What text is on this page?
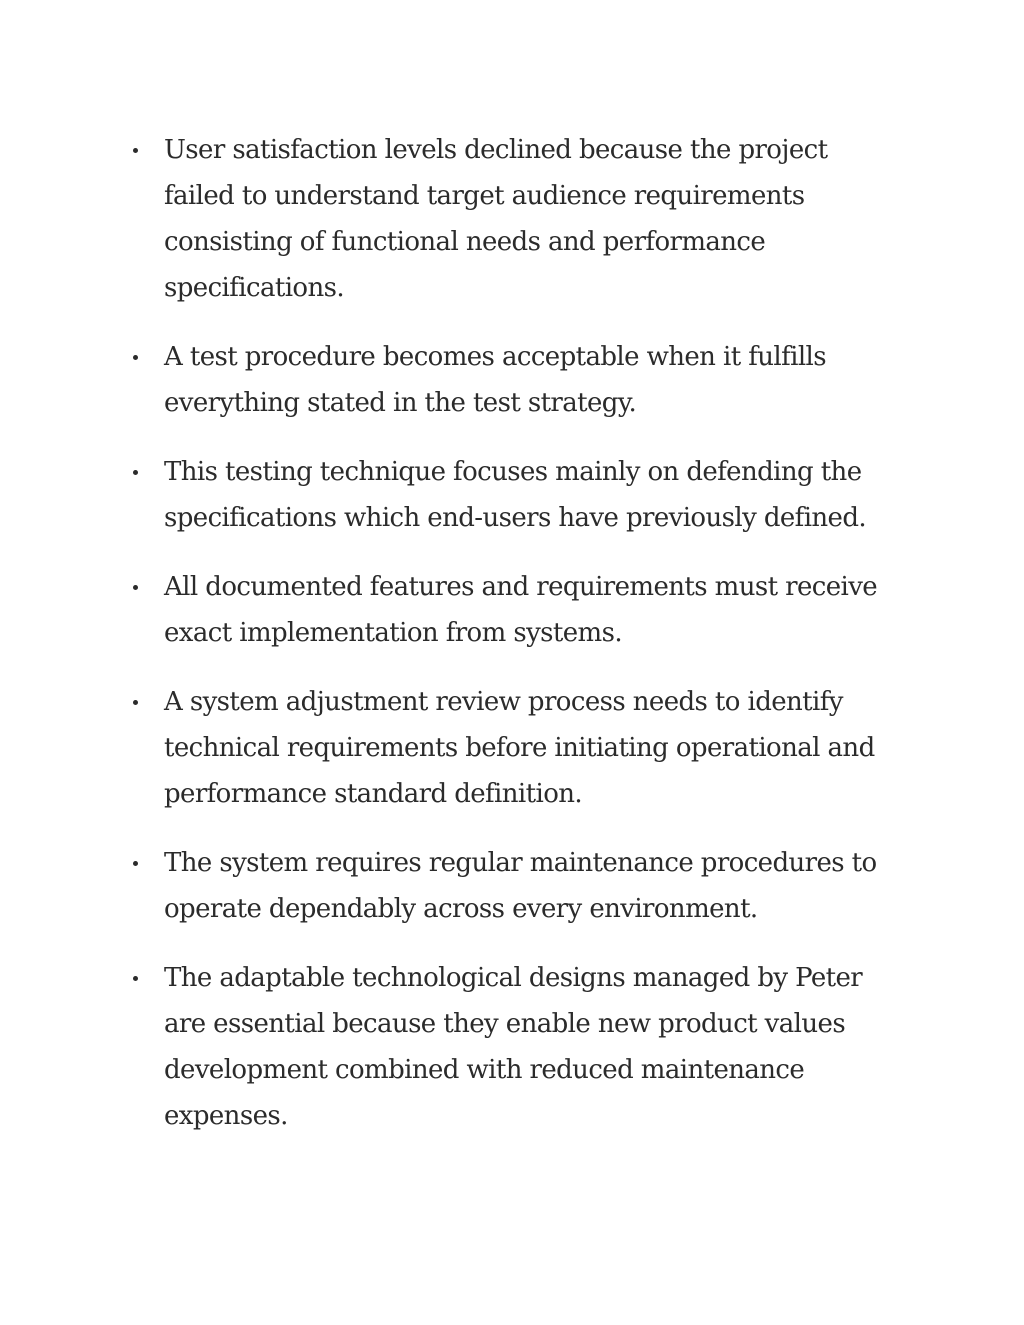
User satisfaction levels declined because the project failed to understand target audience requirements consisting of functional needs and performance specifications.
A test procedure becomes acceptable when it fulfills everything stated in the test strategy.
This testing technique focuses mainly on defending the specifications which end-users have previously defined.
All documented features and requirements must receive exact implementation from systems.
A system adjustment review process needs to identify technical requirements before initiating operational and performance standard definition.
The system requires regular maintenance procedures to operate dependably across every environment.
The adaptable technological designs managed by Peter are essential because they enable new product values development combined with reduced maintenance expenses.
